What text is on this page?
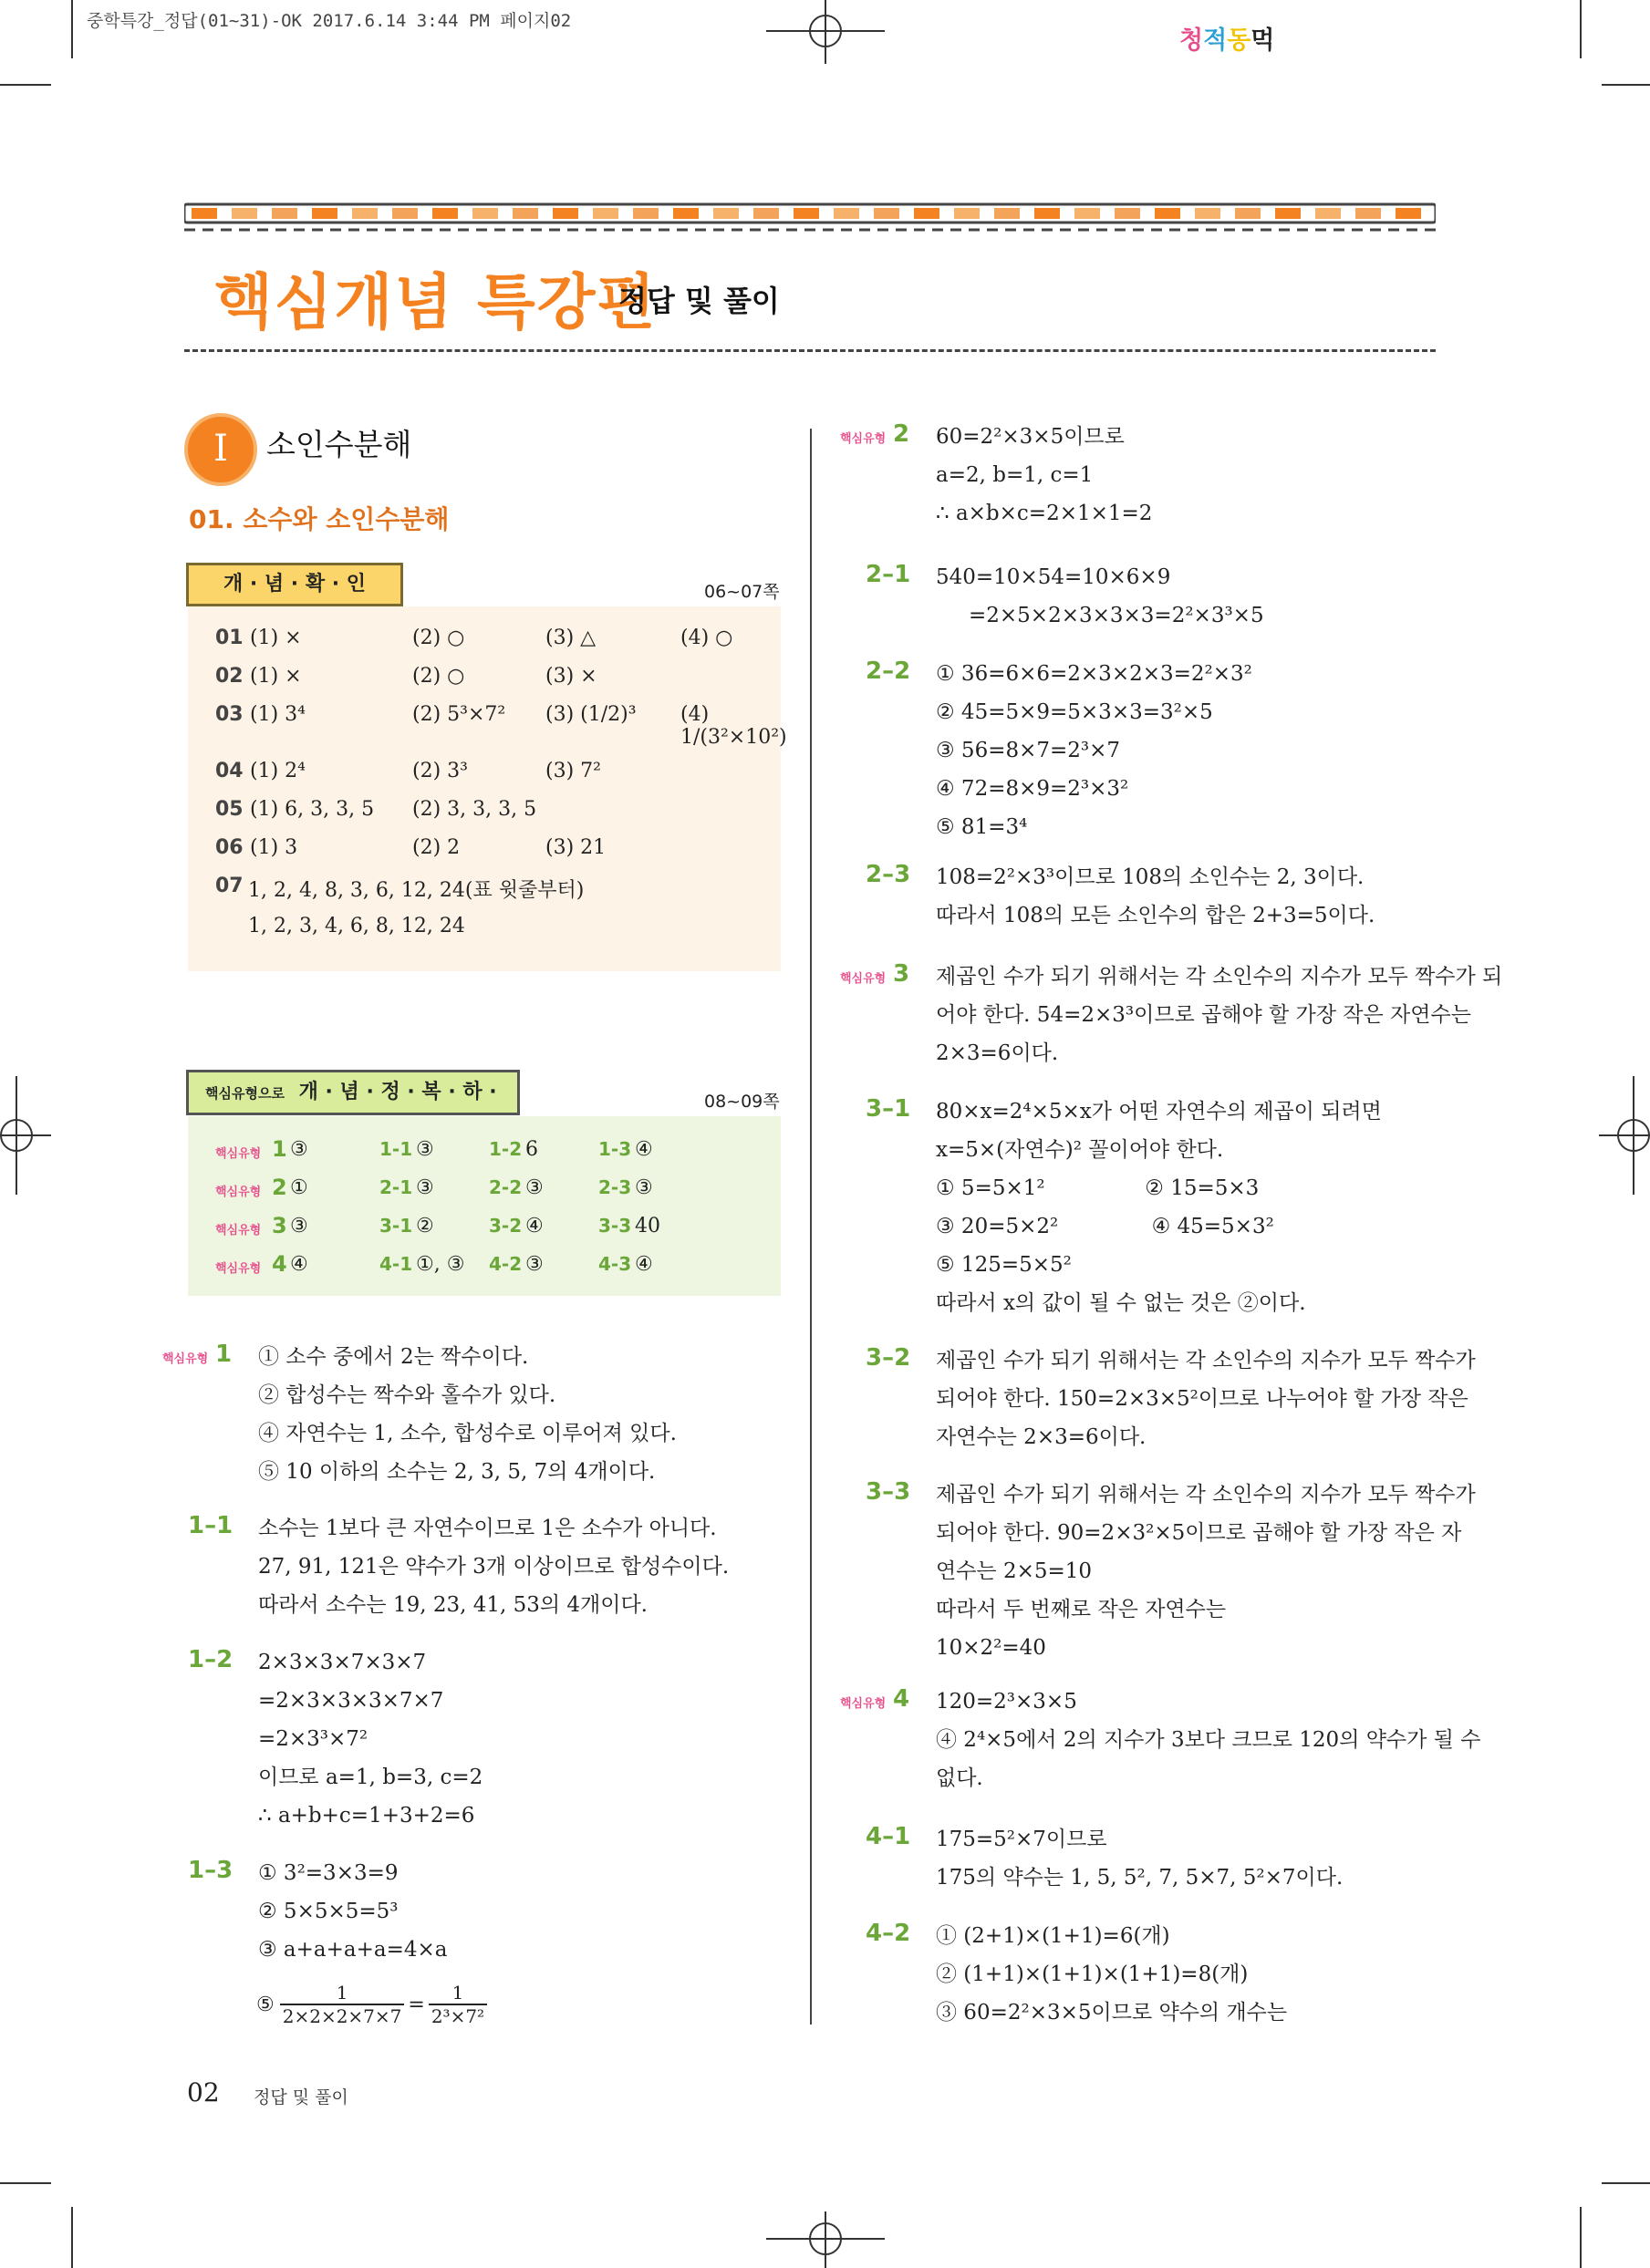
중학특강_정답(01~31)-OK 2017.6.14 3:44 PM 페이지02
청적동먹
핵심개념 특강편
정답 및 풀이
I	소인수분해
01. 소수와 소인수분해
개 · 념 · 확 · 인	06~07쪽
01 (1) ×	(2) ○	(3) △	(4) ○
02 (1) ×	(2) ○	(3) ×
03 (1) 3⁴	(2) 5³×7² (3) (1/2)³ (4) 1/(3²×10²)
04 (1) 2⁴	(2) 3³	(3) 7²
05 (1) 6, 3, 3, 5 (2) 3, 3, 3, 5
06 (1) 3	(2) 2	(3) 21
07 1, 2, 4, 8, 3, 6, 12, 24(표 윗줄부터)
1, 2, 3, 4, 6, 8, 12, 24
핵심유형으로 개 · 념 · 정 · 복 · 하 ·	08~09쪽
핵심유형 1 ③	1-1 ③	1-2 6	1-3 ④
핵심유형 2 ①	2-1 ③	2-2 ③	2-3 ③
핵심유형 3 ③	3-1 ②	3-2 ④	3-3 40
핵심유형 4 ④	4-1 ①, ③ 4-2 ③	4-3 ④
핵심유형 1 ① 소수 중에서 2는 짝수이다.
② 합성수는 짝수와 홀수가 있다.
④ 자연수는 1, 소수, 합성수로 이루어져 있다.
⑤ 10 이하의 소수는 2, 3, 5, 7의 4개이다.
1–1 소수는 1보다 큰 자연수이므로 1은 소수가 아니다.
27, 91, 121은 약수가 3개 이상이므로 합성수이다.
따라서 소수는 19, 23, 41, 53의 4개이다.
1–2 2×3×3×7×3×7
=2×3×3×3×7×7
=2×3³×7²
이므로 a=1, b=3, c=2
∴ a+b+c=1+3+2=6
1–3 ① 3²=3×3=9
② 5×5×5=5³
③ a+a+a+a=4×a
⑤ $\frac{1}{2\times 2\times 2\times 7\times 7} = \frac{1}{\text{2³×7²}}$
핵심유형 2 60=2²×3×5이므로
a=2, b=1, c=1
∴ a×b×c=2×1×1=2
2–1 540=10×54=10×6×9
=2×5×2×3×3×3=2²×3³×5
2–2 ① 36=6×6=2×3×2×3=2²×3²
② 45=5×9=5×3×3=3²×5
③ 56=8×7=2³×7
④ 72=8×9=2³×3²
⑤ 81=3⁴
2–3 108=2²×3³이므로 108의 소인수는 2, 3이다.
따라서 108의 모든 소인수의 합은 2+3=5이다.
핵심유형 3 제곱인 수가 되기 위해서는 각 소인수의 지수가 모두 짝수가 되
어야 한다. 54=2×3³이므로 곱해야 할 가장 작은 자연수는
2×3=6이다.
3–1 80×x=2⁴×5×x가 어떤 자연수의 제곱이 되려면
x=5×(자연수)² 꼴이어야 한다.
① 5=5×1²               ② 15=5×3
③ 20=5×2²              ④ 45=5×3²
⑤ 125=5×5²
따라서 x의 값이 될 수 없는 것은 ②이다.
3–2 제곱인 수가 되기 위해서는 각 소인수의 지수가 모두 짝수가
되어야 한다. 150=2×3×5²이므로 나누어야 할 가장 작은
자연수는 2×3=6이다.
3–3 제곱인 수가 되기 위해서는 각 소인수의 지수가 모두 짝수가
되어야 한다. 90=2×3²×5이므로 곱해야 할 가장 작은 자
연수는 2×5=10
따라서 두 번째로 작은 자연수는
10×2²=40
핵심유형 4 120=2³×3×5
④ 2⁴×5에서 2의 지수가 3보다 크므로 120의 약수가 될 수
없다.
4–1 175=5²×7이므로
175의 약수는 1, 5, 5², 7, 5×7, 5²×7이다.
4–2 ① (2+1)×(1+1)=6(개)
② (1+1)×(1+1)×(1+1)=8(개)
③ 60=2²×3×5이므로 약수의 개수는
02 정답 및 풀이
